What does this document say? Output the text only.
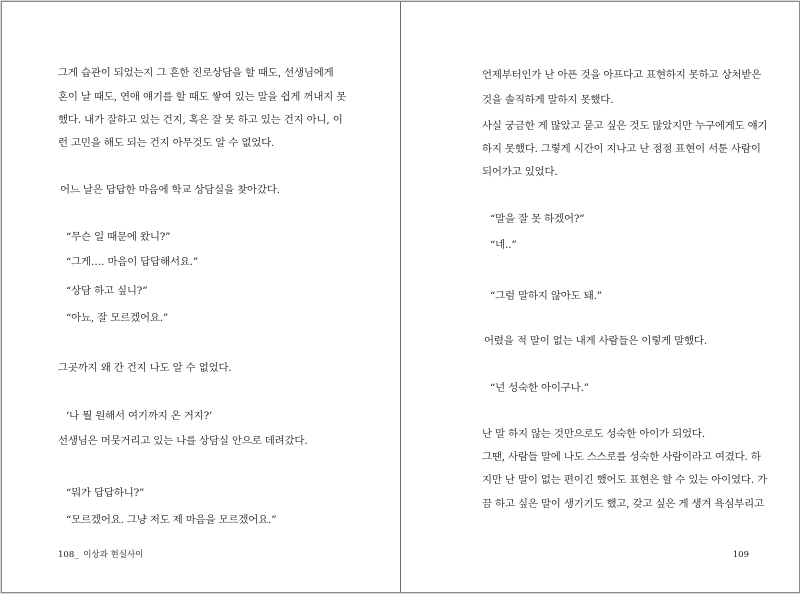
그게 습관이 되었는지 그 흔한 진로상담을 할 때도, 선생님에게

혼이 날 때도, 연애 얘기를 할 때도 쌓여 있는 말을 쉽게 꺼내지 못

했다. 내가 잘하고 있는 건지, 혹은 잘 못 하고 있는 건지 아니, 이

런 고민을 해도 되는 건지 아무것도 알 수 없었다.

어느 날은 답답한 마음에 학교 상담실을 찾아갔다.

“무슨 일 때문에 왔니?”

“그게…. 마음이 답답해서요.”

“상담 하고 싶니?”

“아뇨, 잘 모르겠어요.”

그곳까지 왜 간 건지 나도 알 수 없었다.

‘나 뭘 원해서 여기까지 온 거지?’

선생님은 머뭇거리고 있는 나를 상담실 안으로 데려갔다.

“뭐가 답답하니?”

“모르겠어요. 그냥 저도 제 마음을 모르겠어요.”

108_ 이상과 현실사이

언제부터인가 난 아픈 것을 아프다고 표현하지 못하고 상처받은

것을 솔직하게 말하지 못했다.

사실 궁금한 게 많았고 묻고 싶은 것도 많았지만 누구에게도 얘기

하지 못했다. 그렇게 시간이 지나고 난 점점 표현이 서툰 사람이

되어가고 있었다.

“말을 잘 못 하겠어?”

“네..”

“그럼 말하지 않아도 돼.”

어렸을 적 말이 없는 내게 사람들은 이렇게 말했다.

“넌 성숙한 아이구나.”

난 말 하지 않는 것만으로도 성숙한 아이가 되었다.

그땐, 사람들 말에 나도 스스로를 성숙한 사람이라고 여겼다. 하

지만 난 말이 없는 편이긴 했어도 표현은 할 수 있는 아이였다. 가

끔 하고 싶은 말이 생기기도 했고, 갖고 싶은 게 생겨 욕심부리고

109
